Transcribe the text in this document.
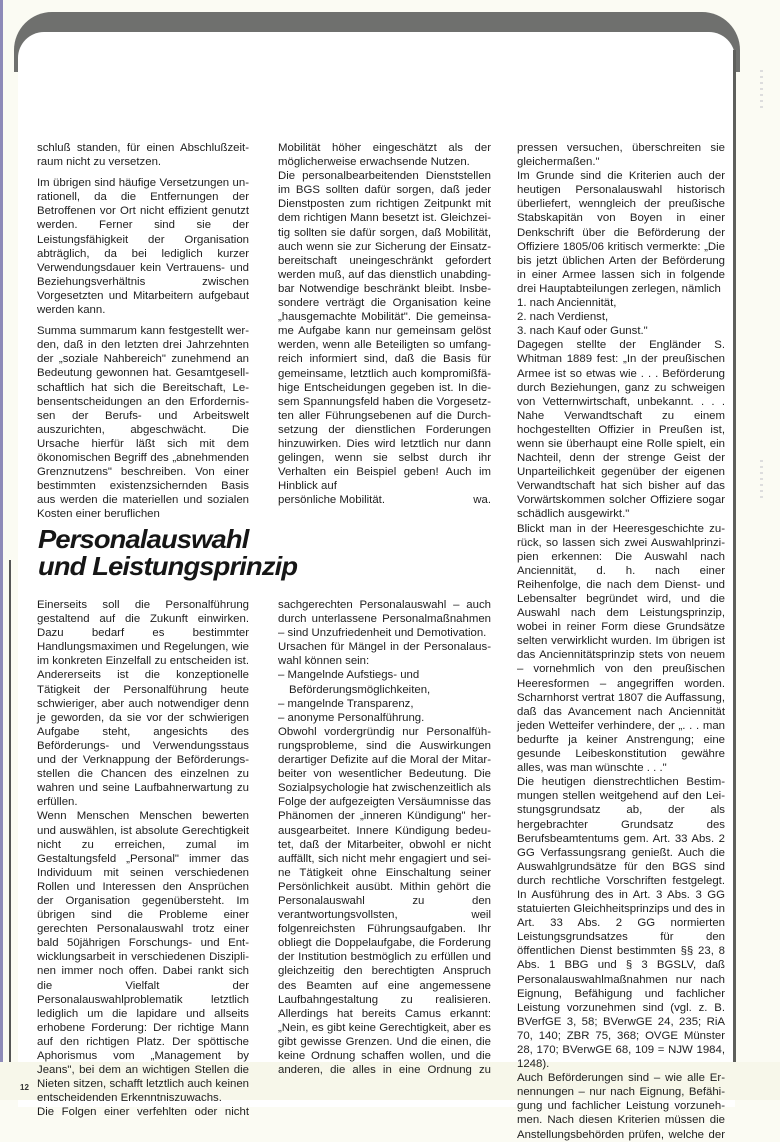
schluß standen, für einen Abschlußzeitraum nicht zu versetzen.

Im übrigen sind häufige Versetzungen unrationell, da die Entfernungen der Betroffenen vor Ort nicht effizient genutzt werden. Ferner sind sie der Leistungsfähigkeit der Organisation abträglich, da bei lediglich kurzer Verwendungsdauer kein Vertrauens- und Beziehungsverhältnis zwischen Vorgesetzten und Mitarbeitern aufgebaut werden kann.

Summa summarum kann festgestellt werden, daß in den letzten drei Jahrzehnten der „soziale Nahbereich" zunehmend an Bedeutung gewonnen hat. Gesamtgesellschaftlich hat sich die Bereitschaft, Lebensentscheidungen an den Erfordernissen der Berufs- und Arbeitswelt auszurichten, abgeschwächt. Die Ursache hierfür läßt sich mit dem ökonomischen Begriff des „abnehmenden Grenznutzens" beschreiben. Von einer bestimmten existenzsichernden Basis aus werden die materiellen und sozialen Kosten einer beruflichen

Mobilität höher eingeschätzt als der möglicherweise erwachsende Nutzen.

Die personalbearbeitenden Dienststellen im BGS sollten dafür sorgen, daß jeder Dienstposten zum richtigen Zeitpunkt mit dem richtigen Mann besetzt ist. Gleichzeitig sollten sie dafür sorgen, daß Mobilität, auch wenn sie zur Sicherung der Einsatzbereitschaft uneingeschränkt gefordert werden muß, auf das dienstlich unabdingbar Notwendige beschränkt bleibt. Insbesondere verträgt die Organisation keine „hausgemachte Mobilität". Die gemeinsame Aufgabe kann nur gemeinsam gelöst werden, wenn alle Beteiligten so umfangreich informiert sind, daß die Basis für gemeinsame, letztlich auch kompromißfähige Entscheidungen gegeben ist. In diesem Spannungsfeld haben die Vorgesetzten aller Führungsebenen auf die Durchsetzung der dienstlichen Forderungen hinzuwirken. Dies wird letztlich nur dann gelingen, wenn sie selbst durch ihr Verhalten ein Beispiel geben! Auch im Hinblick auf

persönliche Mobilität.	wa.

Personalauswahl
und Leistungsprinzip

Einerseits soll die Personalführung gestaltend auf die Zukunft einwirken. Dazu bedarf es bestimmter Handlungsmaximen und Regelungen, wie im konkreten Einzelfall zu entscheiden ist. Andererseits ist die konzeptionelle Tätigkeit der Personalführung heute schwieriger, aber auch notwendiger denn je geworden, da sie vor der schwierigen Aufgabe steht, angesichts des Beförderungs- und Verwendungsstaus und der Verknappung der Beförderungsstellen die Chancen des einzelnen zu wahren und seine Laufbahnerwartung zu erfüllen.

Wenn Menschen Menschen bewerten und auswählen, ist absolute Gerechtigkeit nicht zu erreichen, zumal im Gestaltungsfeld „Personal" immer das Individuum mit seinen verschiedenen Rollen und Interessen den Ansprüchen der Organisation gegenübersteht. Im übrigen sind die Probleme einer gerechten Personalauswahl trotz einer bald 50jährigen Forschungs- und Entwicklungsarbeit in verschiedenen Disziplinen immer noch offen. Dabei rankt sich die Vielfalt der Personalauswahlproblematik letztlich lediglich um die lapidare und allseits erhobene Forderung: Der richtige Mann auf den richtigen Platz. Der spöttische Aphorismus vom „Management by Jeans", bei dem an wichtigen Stellen die Nieten sitzen, schafft letztlich auch keinen entscheidenden Erkenntniszuwachs.

Die Folgen einer verfehlten oder nicht

sachgerechten Personalauswahl – auch durch unterlassene Personalmaßnahmen – sind Unzufriedenheit und Demotivation.

Ursachen für Mängel in der Personalauswahl können sein:

– Mangelnde Aufstiegs- und Beförderungsmöglichkeiten,

– mangelnde Transparenz,

– anonyme Personalführung.

Obwohl vordergründig nur Personalführungsprobleme, sind die Auswirkungen derartiger Defizite auf die Moral der Mitarbeiter von wesentlicher Bedeutung. Die Sozialpsychologie hat zwischenzeitlich als Folge der aufgezeigten Versäumnisse das Phänomen der „inneren Kündigung" herausgearbeitet. Innere Kündigung bedeutet, daß der Mitarbeiter, obwohl er nicht auffällt, sich nicht mehr engagiert und seine Tätigkeit ohne Einschaltung seiner Persönlichkeit ausübt. Mithin gehört die Personalauswahl zu den verantwortungsvollsten, weil folgenreichsten Führungsaufgaben. Ihr obliegt die Doppelaufgabe, die Forderung der Institution bestmöglich zu erfüllen und gleichzeitig den berechtigten Anspruch des Beamten auf eine angemessene Laufbahngestaltung zu realisieren. Allerdings hat bereits Camus erkannt: „Nein, es gibt keine Gerechtigkeit, aber es gibt gewisse Grenzen. Und die einen, die keine Ordnung schaffen wollen, und die anderen, die alles in eine Ordnung zu

pressen versuchen, überschreiten sie gleichermaßen."

Im Grunde sind die Kriterien auch der heutigen Personalauswahl historisch überliefert, wenngleich der preußische Stabskapitän von Boyen in einer Denkschrift über die Beförderung der Offiziere 1805/06 kritisch vermerkte: „Die bis jetzt üblichen Arten der Beförderung in einer Armee lassen sich in folgende drei Hauptabteilungen zerlegen, nämlich

1. nach Anciennität,

2. nach Verdienst,

3. nach Kauf oder Gunst."

Dagegen stellte der Engländer S. Whitman 1889 fest: „In der preußischen Armee ist so etwas wie . . . Beförderung durch Beziehungen, ganz zu schweigen von Vetternwirtschaft, unbekannt. . . . Nahe Verwandtschaft zu einem hochgestellten Offizier in Preußen ist, wenn sie überhaupt eine Rolle spielt, ein Nachteil, denn der strenge Geist der Unparteilichkeit gegenüber der eigenen Verwandtschaft hat sich bisher auf das Vorwärtskommen solcher Offiziere sogar schädlich ausgewirkt."

Blickt man in der Heeresgeschichte zurück, so lassen sich zwei Auswahlprinzipien erkennen: Die Auswahl nach Anciennität, d. h. nach einer Reihenfolge, die nach dem Dienst- und Lebensalter begründet wird, und die Auswahl nach dem Leistungsprinzip, wobei in reiner Form diese Grundsätze selten verwirklicht wurden. Im übrigen ist das Anciennitätsprinzip stets von neuem – vornehmlich von den preußischen Heeresformen – angegriffen worden. Scharnhorst vertrat 1807 die Auffassung, daß das Avancement nach Anciennität jeden Wetteifer verhindere, der „. . . man bedurfte ja keiner Anstrengung; eine gesunde Leibeskonstitution gewähre alles, was man wünschte . . ."

Die heutigen dienstrechtlichen Bestimmungen stellen weitgehend auf den Leistungsgrundsatz ab, der als hergebrachter Grundsatz des Berufsbeamtentums gem. Art. 33 Abs. 2 GG Verfassungsrang genießt. Auch die Auswahlgrundsätze für den BGS sind durch rechtliche Vorschriften festgelegt. In Ausführung des in Art. 3 Abs. 3 GG statuierten Gleichheitsprinzips und des in Art. 33 Abs. 2 GG normierten Leistungsgrundsatzes für den öffentlichen Dienst bestimmten §§ 23, 8 Abs. 1 BBG und § 3 BGSLV, daß Personalauswahlmaßnahmen nur nach Eignung, Befähigung und fachlicher Leistung vorzunehmen sind (vgl. z. B. BVerfGE 3, 58; BVerwGE 24, 235; RiA 70, 140; ZBR 75, 368; OVGE Münster 28, 170; BVerwGE 68, 109 = NJW 1984, 1248).

Auch Beförderungen sind – wie alle Ernennungen – nur nach Eignung, Befähigung und fachlicher Leistung vorzunehmen. Nach diesen Kriterien müssen die Anstellungsbehörden prüfen, welche der

12
